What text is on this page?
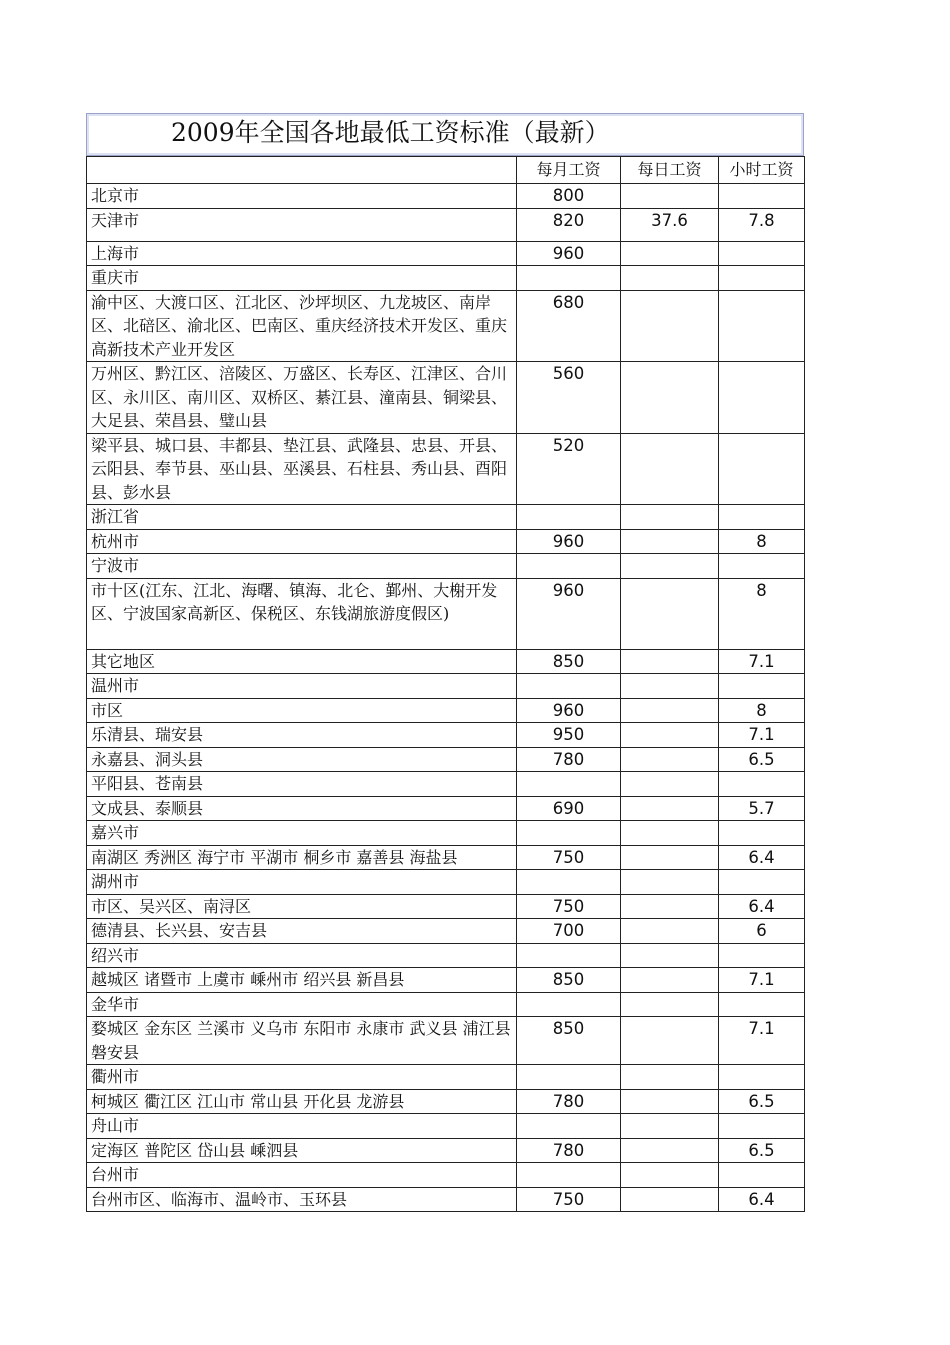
2009年全国各地最低工资标准（最新）
	每月工资	每日工资	小时工资
北京市	800		
天津市	820	37.6	7.8
上海市	960		
重庆市			
渝中区、大渡口区、江北区、沙坪坝区、九龙坡区、南岸区、北碚区、渝北区、巴南区、重庆经济技术开发区、重庆高新技术产业开发区	680		
万州区、黔江区、涪陵区、万盛区、长寿区、江津区、合川区、永川区、南川区、双桥区、綦江县、潼南县、铜梁县、大足县、荣昌县、璧山县	560		
梁平县、城口县、丰都县、垫江县、武隆县、忠县、开县、云阳县、奉节县、巫山县、巫溪县、石柱县、秀山县、酉阳县、彭水县	520		
浙江省			
杭州市	960		8
宁波市			
市十区(江东、江北、海曙、镇海、北仑、鄞州、大榭开发区、宁波国家高新区、保税区、东钱湖旅游度假区)	960		8
其它地区	850		7.1
温州市			
市区	960		8
乐清县、瑞安县	950		7.1
永嘉县、洞头县	780		6.5
平阳县、苍南县			
文成县、泰顺县	690		5.7
嘉兴市			
南湖区 秀洲区 海宁市 平湖市 桐乡市 嘉善县 海盐县	750		6.4
湖州市			
市区、吴兴区、南浔区	750		6.4
德清县、长兴县、安吉县	700		6
绍兴市			
越城区 诸暨市 上虞市 嵊州市 绍兴县 新昌县	850		7.1
金华市			
婺城区 金东区 兰溪市 义乌市 东阳市 永康市 武义县 浦江县 磐安县	850		7.1
衢州市			
柯城区 衢江区 江山市 常山县 开化县 龙游县	780		6.5
舟山市			
定海区 普陀区 岱山县 嵊泗县	780		6.5
台州市			
台州市区、临海市、温岭市、玉环县	750		6.4
